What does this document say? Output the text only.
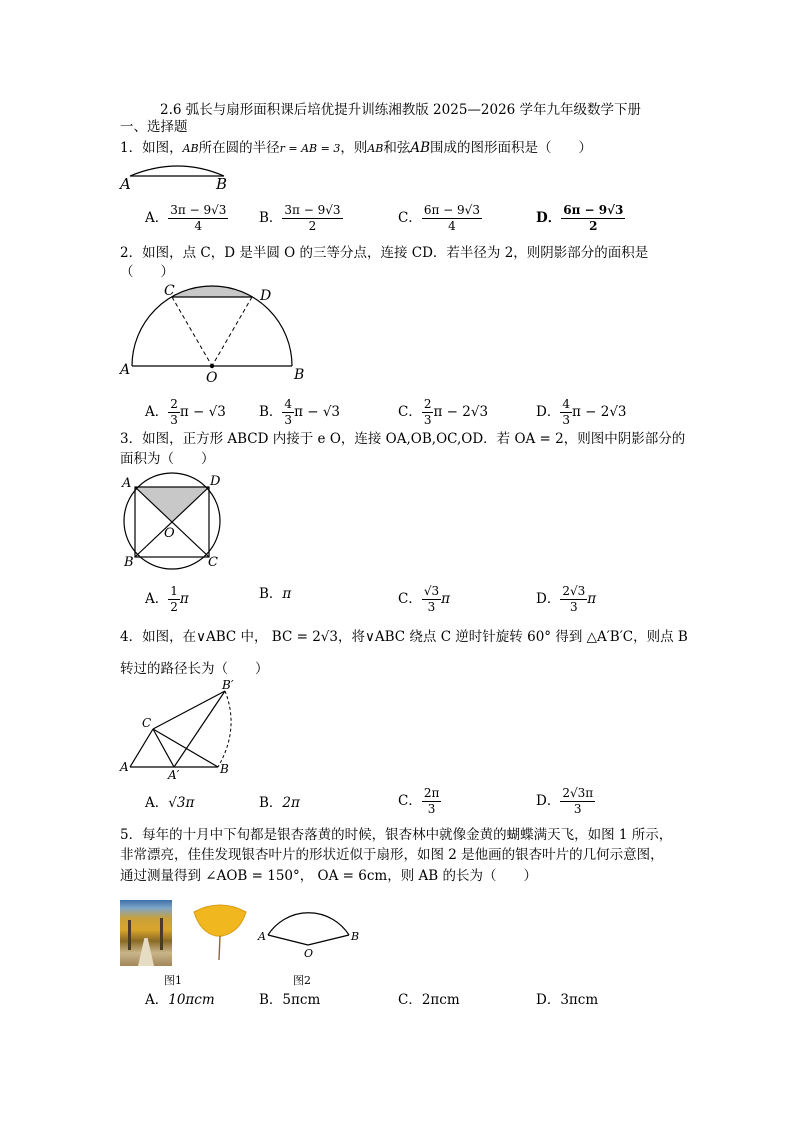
2.6 弧长与扇形面积课后培优提升训练湘教版 2025—2026 学年九年级数学下册
一、选择题
1．如图，AB所在圆的半径r = AB = 3，则AB和弦AB围成的图形面积是（　　）
A	B
A． $\frac{3\pi - 9√3}{4}$ B． $\frac{3\pi - 9√3}{2}$	C． $\frac{6\pi - 9√3}{4}$	D． $\frac{6\pi - 9√3}{2}$
2．如图，点 C，D 是半圆 O 的三等分点，连接 CD．若半径为 2，则阴影部分的面积是
（　　）
A	B
C	D
O
A． $\frac{2}{3}$ π − √3 B． $\frac{4}{3}$ π − √3	C． $\frac{2}{3}$ π − 2√3	D． $\frac{4}{3}$ π − 2√3
3．如图，正方形 ABCD 内接于 e O，连接 OA,OB,OC,OD．若 OA = 2，则图中阴影部分的
面积为（　　）
A	D
B	C
O
A． $\frac{1}{2}$ π	B．π	C． $\frac{√3}{3}$ π	D． $\frac{2√3}{3}$ π
4．如图，在∨ABC 中， BC = 2√3，将∨ABC 绕点 C 逆时针旋转 60° 得到 △A′B′C，则点 B
转过的路径长为（　　）
A
A′	B
B′
C
A．√3π	B．2π	C． $\frac{2\pi}{3}$	D． $\frac{2√3\pi}{3}$
5．每年的十月中下旬都是银杏落黄的时候，银杏林中就像金黄的蝴蝶满天飞，如图 1 所示，
非常漂亮，佳佳发现银杏叶片的形状近似于扇形，如图 2 是他画的银杏叶片的几何示意图，
通过测量得到 ∠AOB = 150°， OA = 6cm，则 AB 的长为（　　）
A	B
O
图1	图2
A．10πcm	B．5πcm	C．2πcm	D．3πcm
